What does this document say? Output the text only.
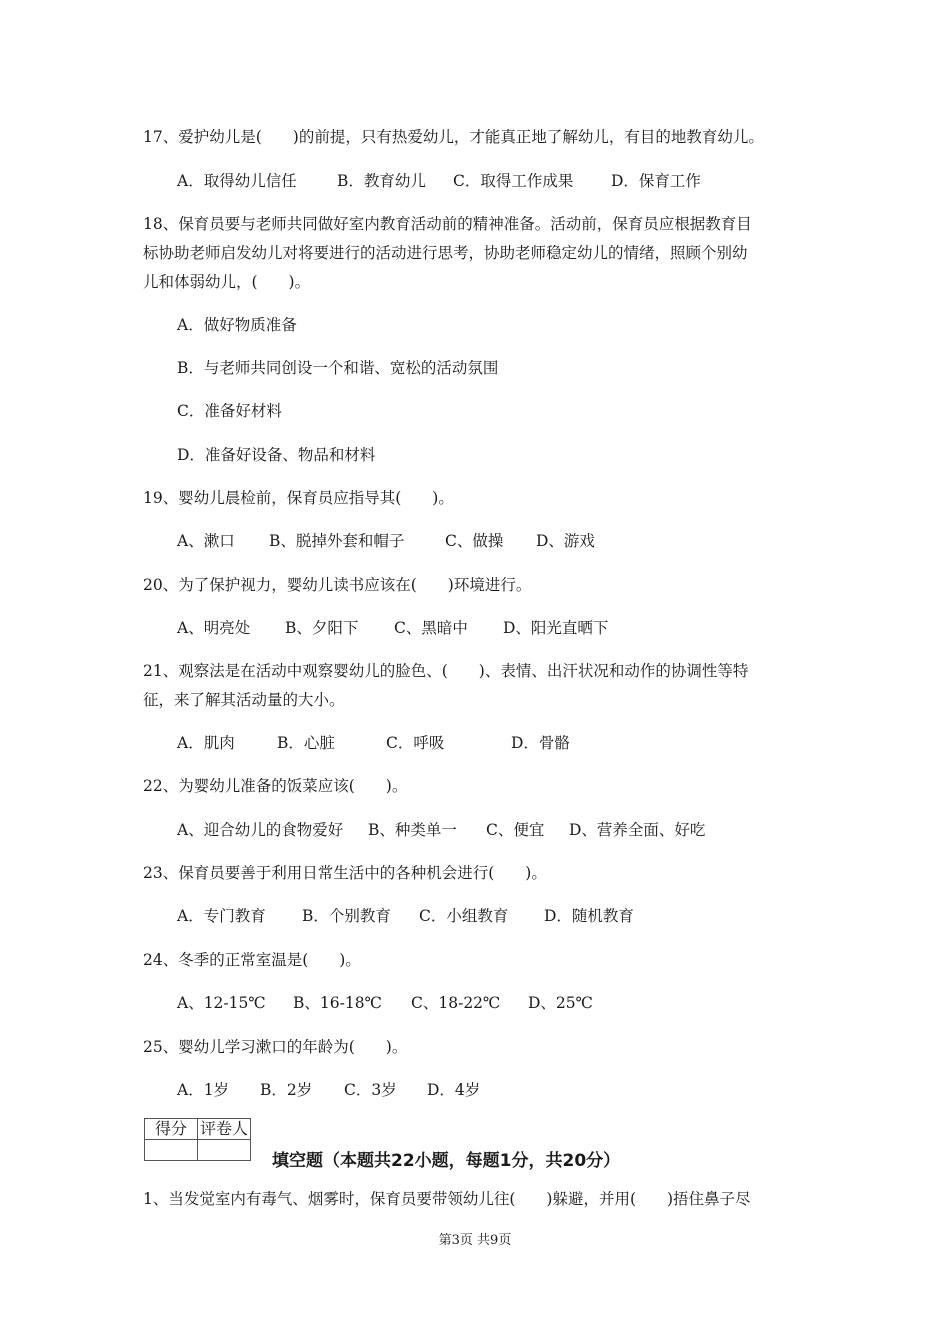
17、爱护幼儿是(　　)的前提，只有热爱幼儿，才能真正地了解幼儿，有目的地教育幼儿。
A．取得幼儿信任	B．教育幼儿 C．取得工作成果 D．保育工作
18、保育员要与老师共同做好室内教育活动前的精神准备。活动前，保育员应根据教育目
标协助老师启发幼儿对将要进行的活动进行思考，协助老师稳定幼儿的情绪，照顾个别幼
儿和体弱幼儿，(　　)。
A．做好物质准备
B．与老师共同创设一个和谐、宽松的活动氛围
C．准备好材料
D．准备好设备、物品和材料
19、婴幼儿晨检前，保育员应指导其(　　)。
A、漱口 B、脱掉外套和帽子	C、做操 D、游戏
20、为了保护视力，婴幼儿读书应该在(　　)环境进行。
A、明亮处 B、夕阳下 C、黑暗中 D、阳光直晒下
21、观察法是在活动中观察婴幼儿的脸色、(　　)、表情、出汗状况和动作的协调性等特
征，来了解其活动量的大小。
A．肌肉	B．心脏	C．呼吸	D．骨骼
22、为婴幼儿准备的饭菜应该(　　)。
A、迎合幼儿的食物爱好 B、种类单一 C、便宜 D、营养全面、好吃
23、保育员要善于利用日常生活中的各种机会进行(　　)。
A．专门教育 B．个别教育 C．小组教育 D．随机教育
24、冬季的正常室温是(　　)。
A、12-15℃ B、16-18℃ C、18-22℃ D、25℃
25、婴幼儿学习漱口的年龄为(　　)。
A．1岁 B．2岁 C．3岁 D．4岁
得分	评卷人

填空题（本题共22小题，每题1分，共20分）
1、当发觉室内有毒气、烟雾时，保育员要带领幼儿往(　　)躲避，并用(　　)捂住鼻子尽
第3页 共9页
